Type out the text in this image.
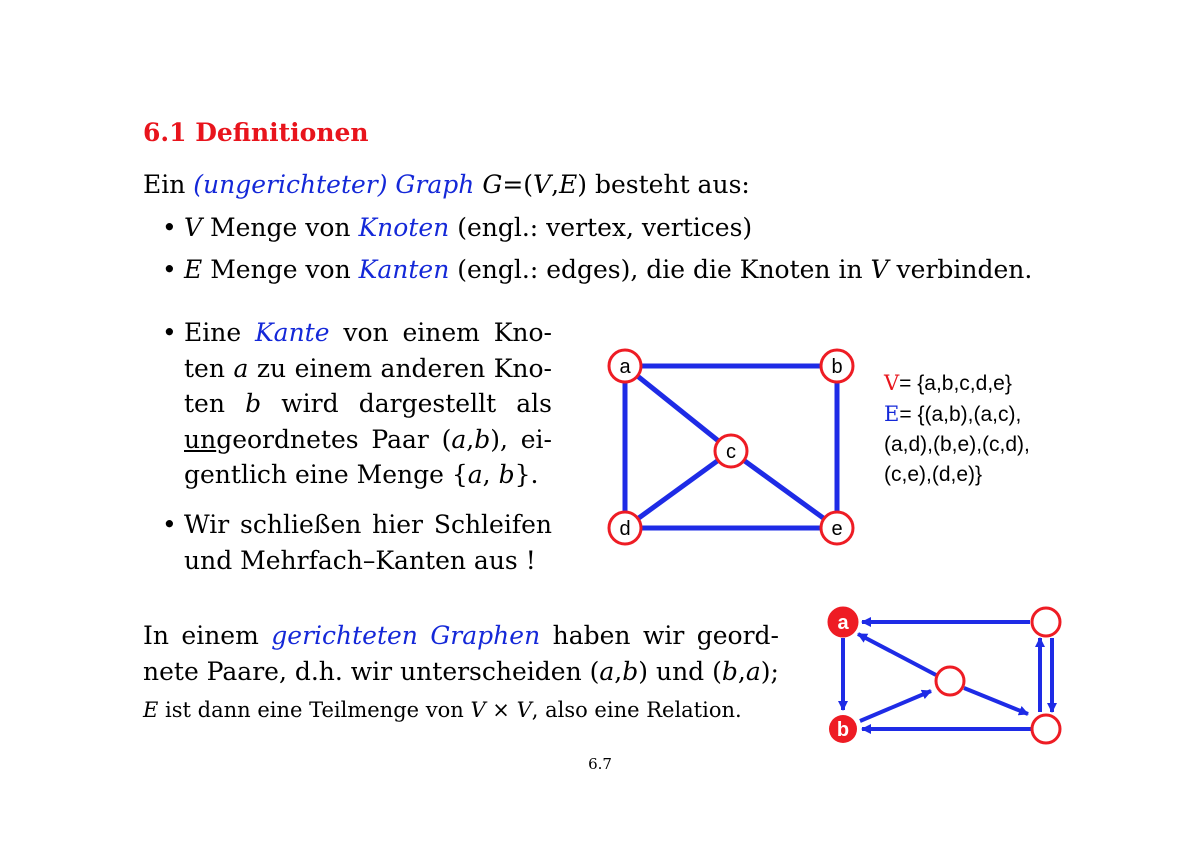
6.1 Definitionen
Ein (ungerichteter) Graph G=(V,E) besteht aus:
• V Menge von Knoten (engl.: vertex, vertices)
• E Menge von Kanten (engl.: edges), die die Knoten in V verbinden.
• Eine Kante von einem Kno-
ten a zu einem anderen Kno-
ten b wird dargestellt als
ungeordnetes Paar (a,b), ei-
gentlich eine Menge {a, b}.
• Wir schließen hier Schleifen
und Mehrfach–Kanten aus !
In einem gerichteten Graphen haben wir geord-
nete Paare, d.h. wir unterscheiden (a,b) und (b,a);
E ist dann eine Teilmenge von V × V, also eine Relation.
V= {a,b,c,d,e}
E= {(a,b),(a,c),
(a,d),(b,e),(c,d),
(c,e),(d,e)}
6.7
a	b
c
d	e
a
b
